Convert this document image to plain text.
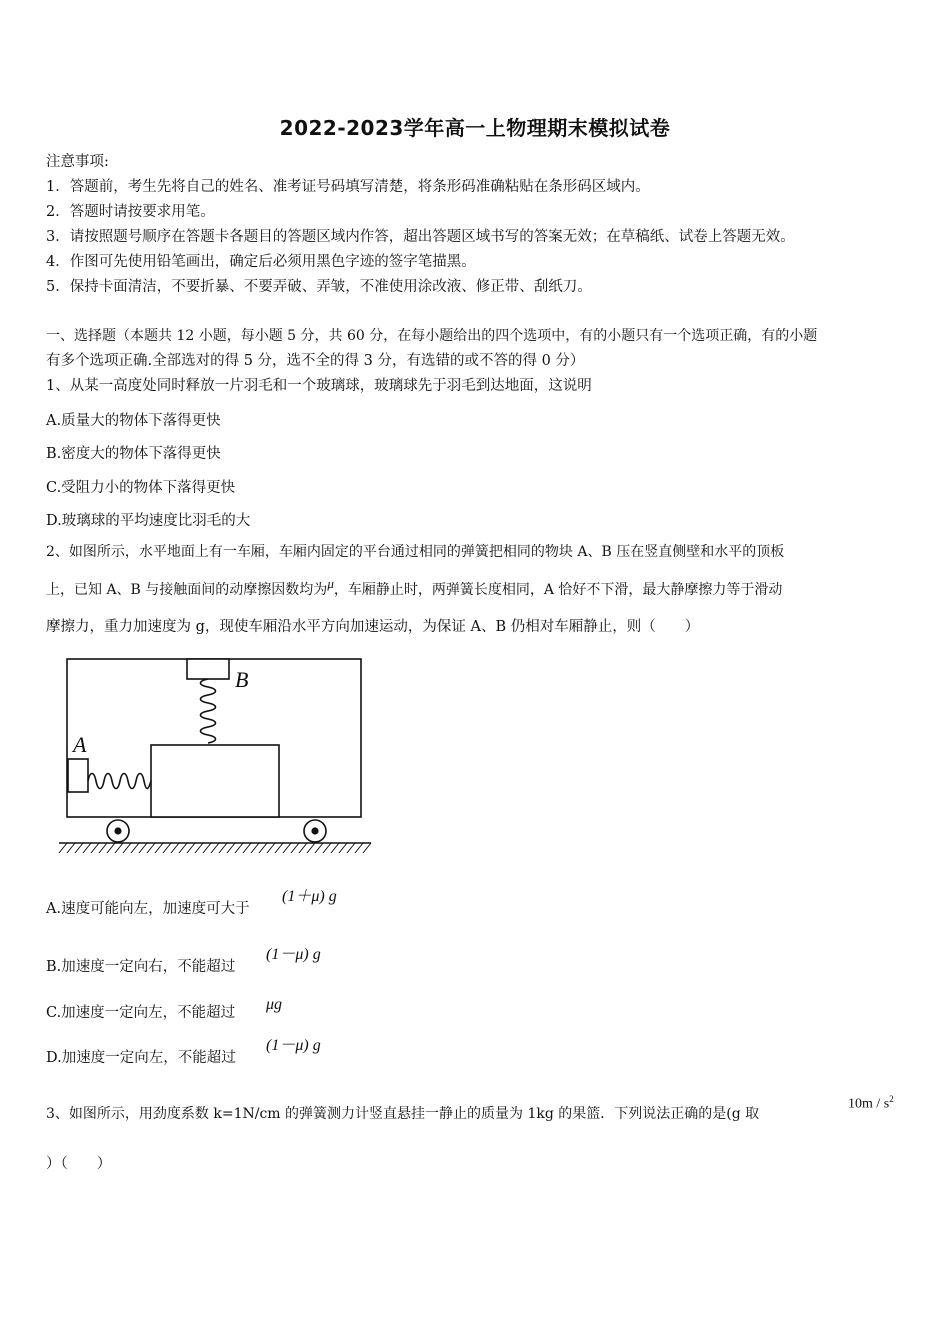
2022-2023学年高一上物理期末模拟试卷
注意事项:
1．答题前，考生先将自己的姓名、准考证号码填写清楚，将条形码准确粘贴在条形码区域内。
2．答题时请按要求用笔。
3．请按照题号顺序在答题卡各题目的答题区域内作答，超出答题区域书写的答案无效；在草稿纸、试卷上答题无效。
4．作图可先使用铅笔画出，确定后必须用黑色字迹的签字笔描黑。
5．保持卡面清洁，不要折暴、不要弄破、弄皱，不准使用涂改液、修正带、刮纸刀。
一、选择题（本题共 12 小题，每小题 5 分，共 60 分，在每小题给出的四个选项中，有的小题只有一个选项正确，有的小题
有多个选项正确.全部选对的得 5 分，选不全的得 3 分，有选错的或不答的得 0 分）
1、从某一高度处同时释放一片羽毛和一个玻璃球，玻璃球先于羽毛到达地面，这说明
A.质量大的物体下落得更快
B.密度大的物体下落得更快
C.受阻力小的物体下落得更快
D.玻璃球的平均速度比羽毛的大
2、如图所示，水平地面上有一车厢，车厢内固定的平台通过相同的弹簧把相同的物块 A、B 压在竖直侧壁和水平的顶板
上，已知 A、B 与接触面间的动摩擦因数均为μ，车厢静止时，两弹簧长度相同，A 恰好不下滑，最大静摩擦力等于滑动
摩擦力，重力加速度为 g，现使车厢沿水平方向加速运动，为保证 A、B 仍相对车厢静止，则（　　）
A
B
A.速度可能向左，加速度可大于
(1＋μ) g
B.加速度一定向右，不能超过
(1－μ) g
C.加速度一定向左，不能超过 μg
D.加速度一定向左，不能超过
(1－μ) g
3、如图所示，用劲度系数 k=1N/cm 的弹簧测力计竖直悬挂一静止的质量为 1kg 的果篮．下列说法正确的是(g 取
$10m / s^2$
）（　　）
